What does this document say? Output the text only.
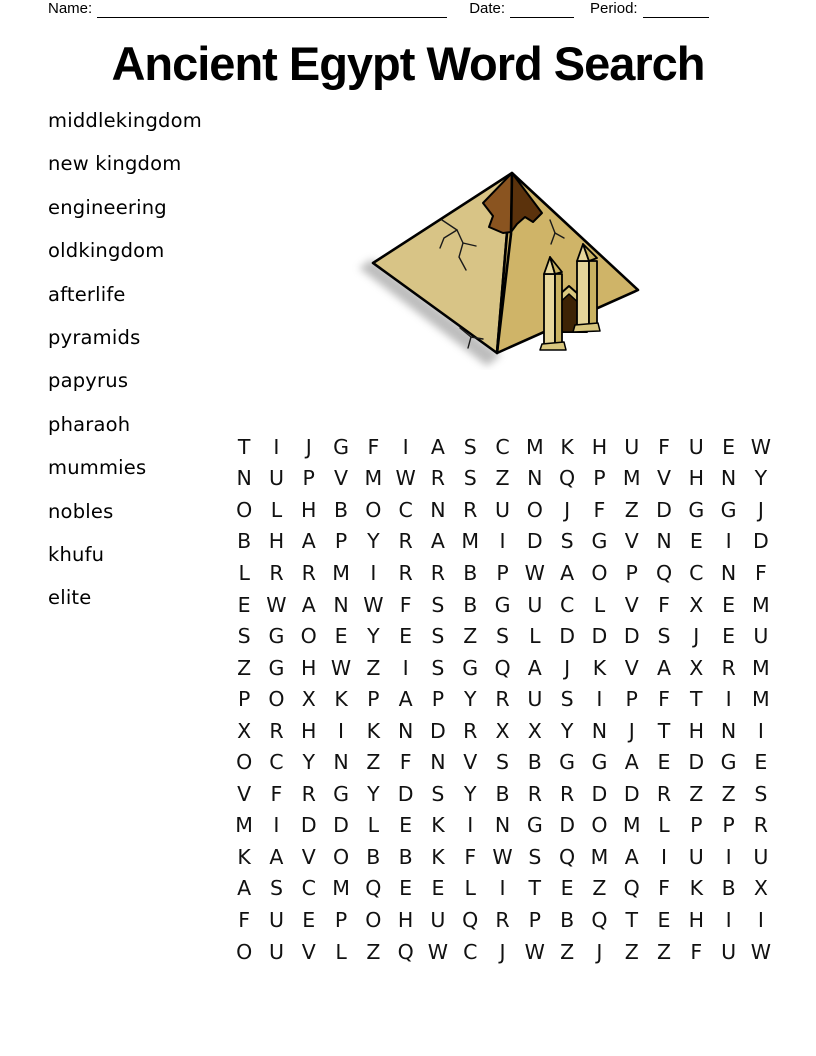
Name:	Date:	Period:
Ancient Egypt Word Search
middlekingdom
new kingdom
engineering
oldkingdom
afterlife
pyramids
papyrus
pharaoh
mummies
nobles
khufu
elite
T	I	J	G F	I	A S C M K H U F U E W
N U P V M W R S Z N Q P M V H N Y
O L H B O C N R U O	J	F Z D G G	J
B H A P Y R A M I	D S G V N E	I	D
L R R M I	R R B P W A O P Q C N F
E W A N W F S B G U C L V F X E M
S G O E Y E S Z S L D D D S	J	E U
Z G H W Z	I	S G Q A	J	K V A X R M
P O X K P A P Y R U S	I	P F T	I M
X R H	I	K N D R X X Y N	J	T H N	I
O C Y N Z F N V S B G G A E D G E
V F R G Y D S Y B R R D D R Z Z S
M I	D D L E K	I	N G D O M L P P R
K A V O B B K F W S Q M A	I	U	I	U
A S C M Q E E L	I	T E Z Q F K B X
F U E P O H U Q R P B Q T E H	I	I
O U V L Z Q W C	J W Z	J	Z Z F U W
